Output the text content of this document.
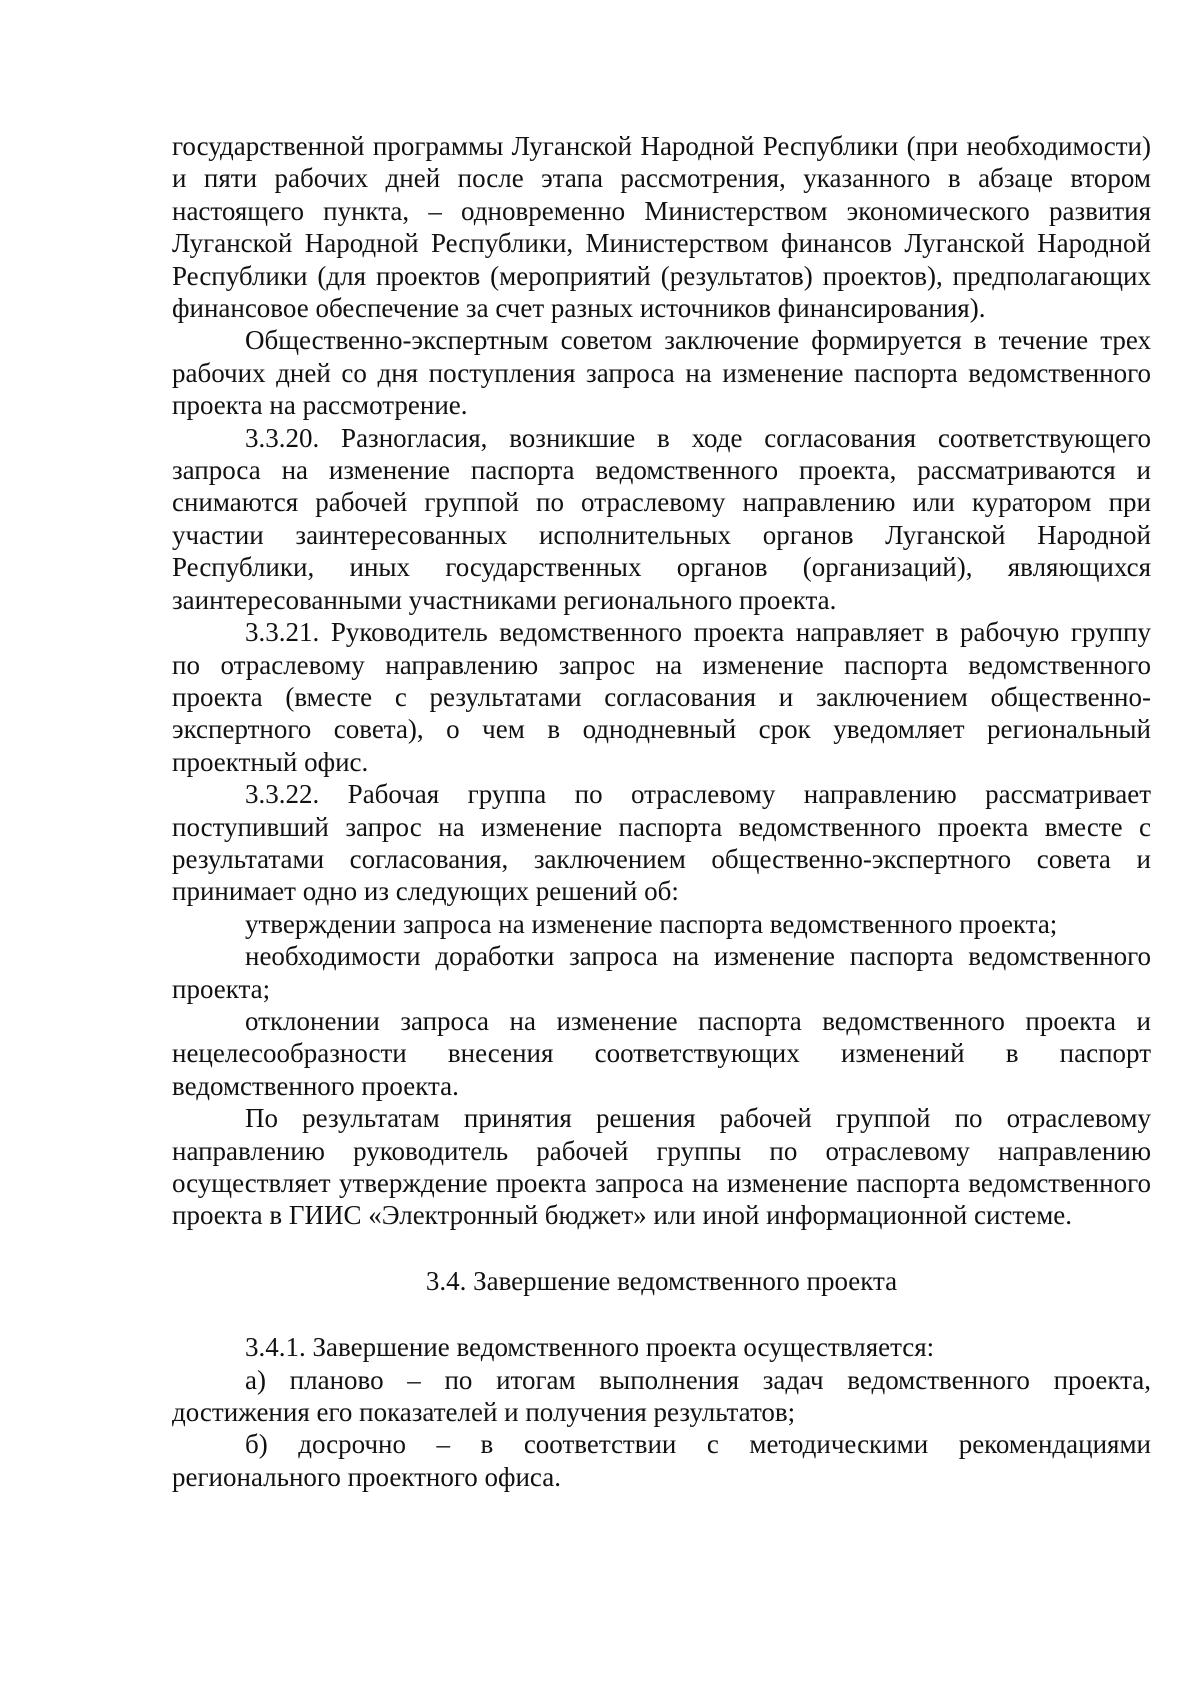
государственной программы Луганской Народной Республики (при необходимости) и пяти рабочих дней после этапа рассмотрения, указанного в абзаце втором настоящего пункта, – одновременно Министерством экономического развития Луганской Народной Республики, Министерством финансов Луганской Народной Республики (для проектов (мероприятий (результатов) проектов), предполагающих финансовое обеспечение за счет разных источников финансирования).

Общественно-экспертным советом заключение формируется в течение трех рабочих дней со дня поступления запроса на изменение паспорта ведомственного проекта на рассмотрение.

3.3.20. Разногласия, возникшие в ходе согласования соответствующего запроса на изменение паспорта ведомственного проекта, рассматриваются и снимаются рабочей группой по отраслевому направлению или куратором при участии заинтересованных исполнительных органов Луганской Народной Республики, иных государственных органов (организаций), являющихся заинтересованными участниками регионального проекта.

3.3.21. Руководитель ведомственного проекта направляет в рабочую группу по отраслевому направлению запрос на изменение паспорта ведомственного проекта (вместе с результатами согласования и заключением общественно-экспертного совета), о чем в однодневный срок уведомляет региональный проектный офис.

3.3.22. Рабочая группа по отраслевому направлению рассматривает поступивший запрос на изменение паспорта ведомственного проекта вместе с результатами согласования, заключением общественно-экспертного совета и принимает одно из следующих решений об:

утверждении запроса на изменение паспорта ведомственного проекта;

необходимости доработки запроса на изменение паспорта ведомственного проекта;

отклонении запроса на изменение паспорта ведомственного проекта и нецелесообразности внесения соответствующих изменений в паспорт ведомственного проекта.

По результатам принятия решения рабочей группой по отраслевому направлению руководитель рабочей группы по отраслевому направлению осуществляет утверждение проекта запроса на изменение паспорта ведомственного проекта в ГИИС «Электронный бюджет» или иной информационной системе.

3.4. Завершение ведомственного проекта

3.4.1. Завершение ведомственного проекта осуществляется:

а) планово – по итогам выполнения задач ведомственного проекта, достижения его показателей и получения результатов;

б) досрочно – в соответствии с методическими рекомендациями регионального проектного офиса.
